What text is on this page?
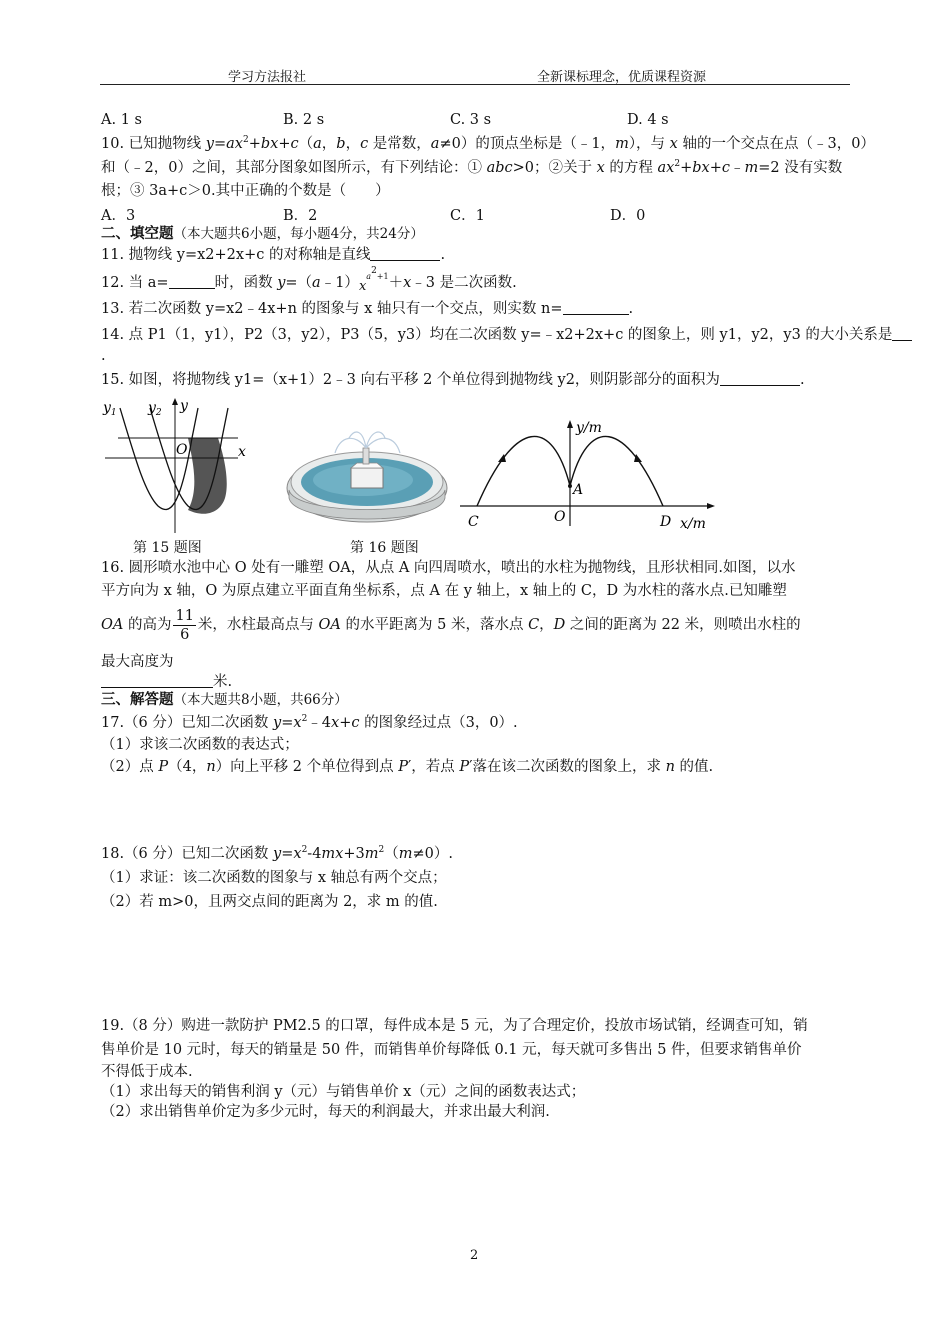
学习方法报社	全新课标理念，优质课程资源
A. 1 s	B. 2 s	C. 3 s	D. 4 s
10. 已知抛物线 $y=ax^2+bx+c(a$，b，c 是常数，a≠0）的顶点坐标是（﹣1，m），与 x 轴的一个交点在点（﹣3，0）
和（﹣2，0）之间，其部分图象如图所示，有下列结论：① abc>0；②关于 x 的方程 $ax^2+bx+c﹣m=2$ 没有实数
根；③ 3a+c＞0.其中正确的个数是（　　）
A．3	B．2	C．1	D．0
二、填空题（本大题共6小题，每小题4分，共24分）
11. 抛物线 y=x2+2x+c 的对称轴是直线	.
12. 当 a=	时，函数 $y=(a﹣1)x^{a^2+1}+x﹣3$ 是二次函数.
13. 若二次函数 y=x2﹣4x+n 的图象与 x 轴只有一个交点，则实数 n=	.
14. 点 P1（1，y1），P2（3，y2），P3（5，y3）均在二次函数 y=﹣x2+2x+c 的图象上，则 y1，y2，y3 的大小关系是
.
15. 如图，将抛物线 y1=（x+1）2﹣3 向右平移 2 个单位得到抛物线 y2，则阴影部分的面积为	.
$y_1$ $y_2$ y
O	x
第 15 题图	第 16 题图
y/m
A
O
C	D x/m
16. 圆形喷水池中心 O 处有一雕塑 OA，从点 A 向四周喷水，喷出的水柱为抛物线，且形状相同.如图，以水
平方向为 x 轴，O 为原点建立平面直角坐标系，点 A 在 y 轴上，x 轴上的 C，D 为水柱的落水点.已知雕塑
OA 的高为 $\frac{11}{6}$ 米，水柱最高点与 OA 的水平距离为 5 米，落水点 C，D 之间的距离为 22 米，则喷出水柱的
最大高度为
米.
三、解答题（本大题共8小题，共66分）
17.（6 分）已知二次函数 $y=x^2﹣4x+c$ 的图象经过点（3，0）.
（1）求该二次函数的表达式；
（2）点 P（4，n）向上平移 2 个单位得到点 P′，若点 P′落在该二次函数的图象上，求 n 的值.
18.（6 分）已知二次函数 $y=x^2-4mx+3m^2(m\ne 0)$.
（1）求证：该二次函数的图象与 x 轴总有两个交点；
（2）若 m>0，且两交点间的距离为 2，求 m 的值.
19.（8 分）购进一款防护 PM2.5 的口罩，每件成本是 5 元，为了合理定价，投放市场试销，经调查可知，销
售单价是 10 元时，每天的销量是 50 件，而销售单价每降低 0.1 元，每天就可多售出 5 件，但要求销售单价
不得低于成本.
（1）求出每天的销售利润 y（元）与销售单价 x（元）之间的函数表达式；
（2）求出销售单价定为多少元时，每天的利润最大，并求出最大利润.
2
